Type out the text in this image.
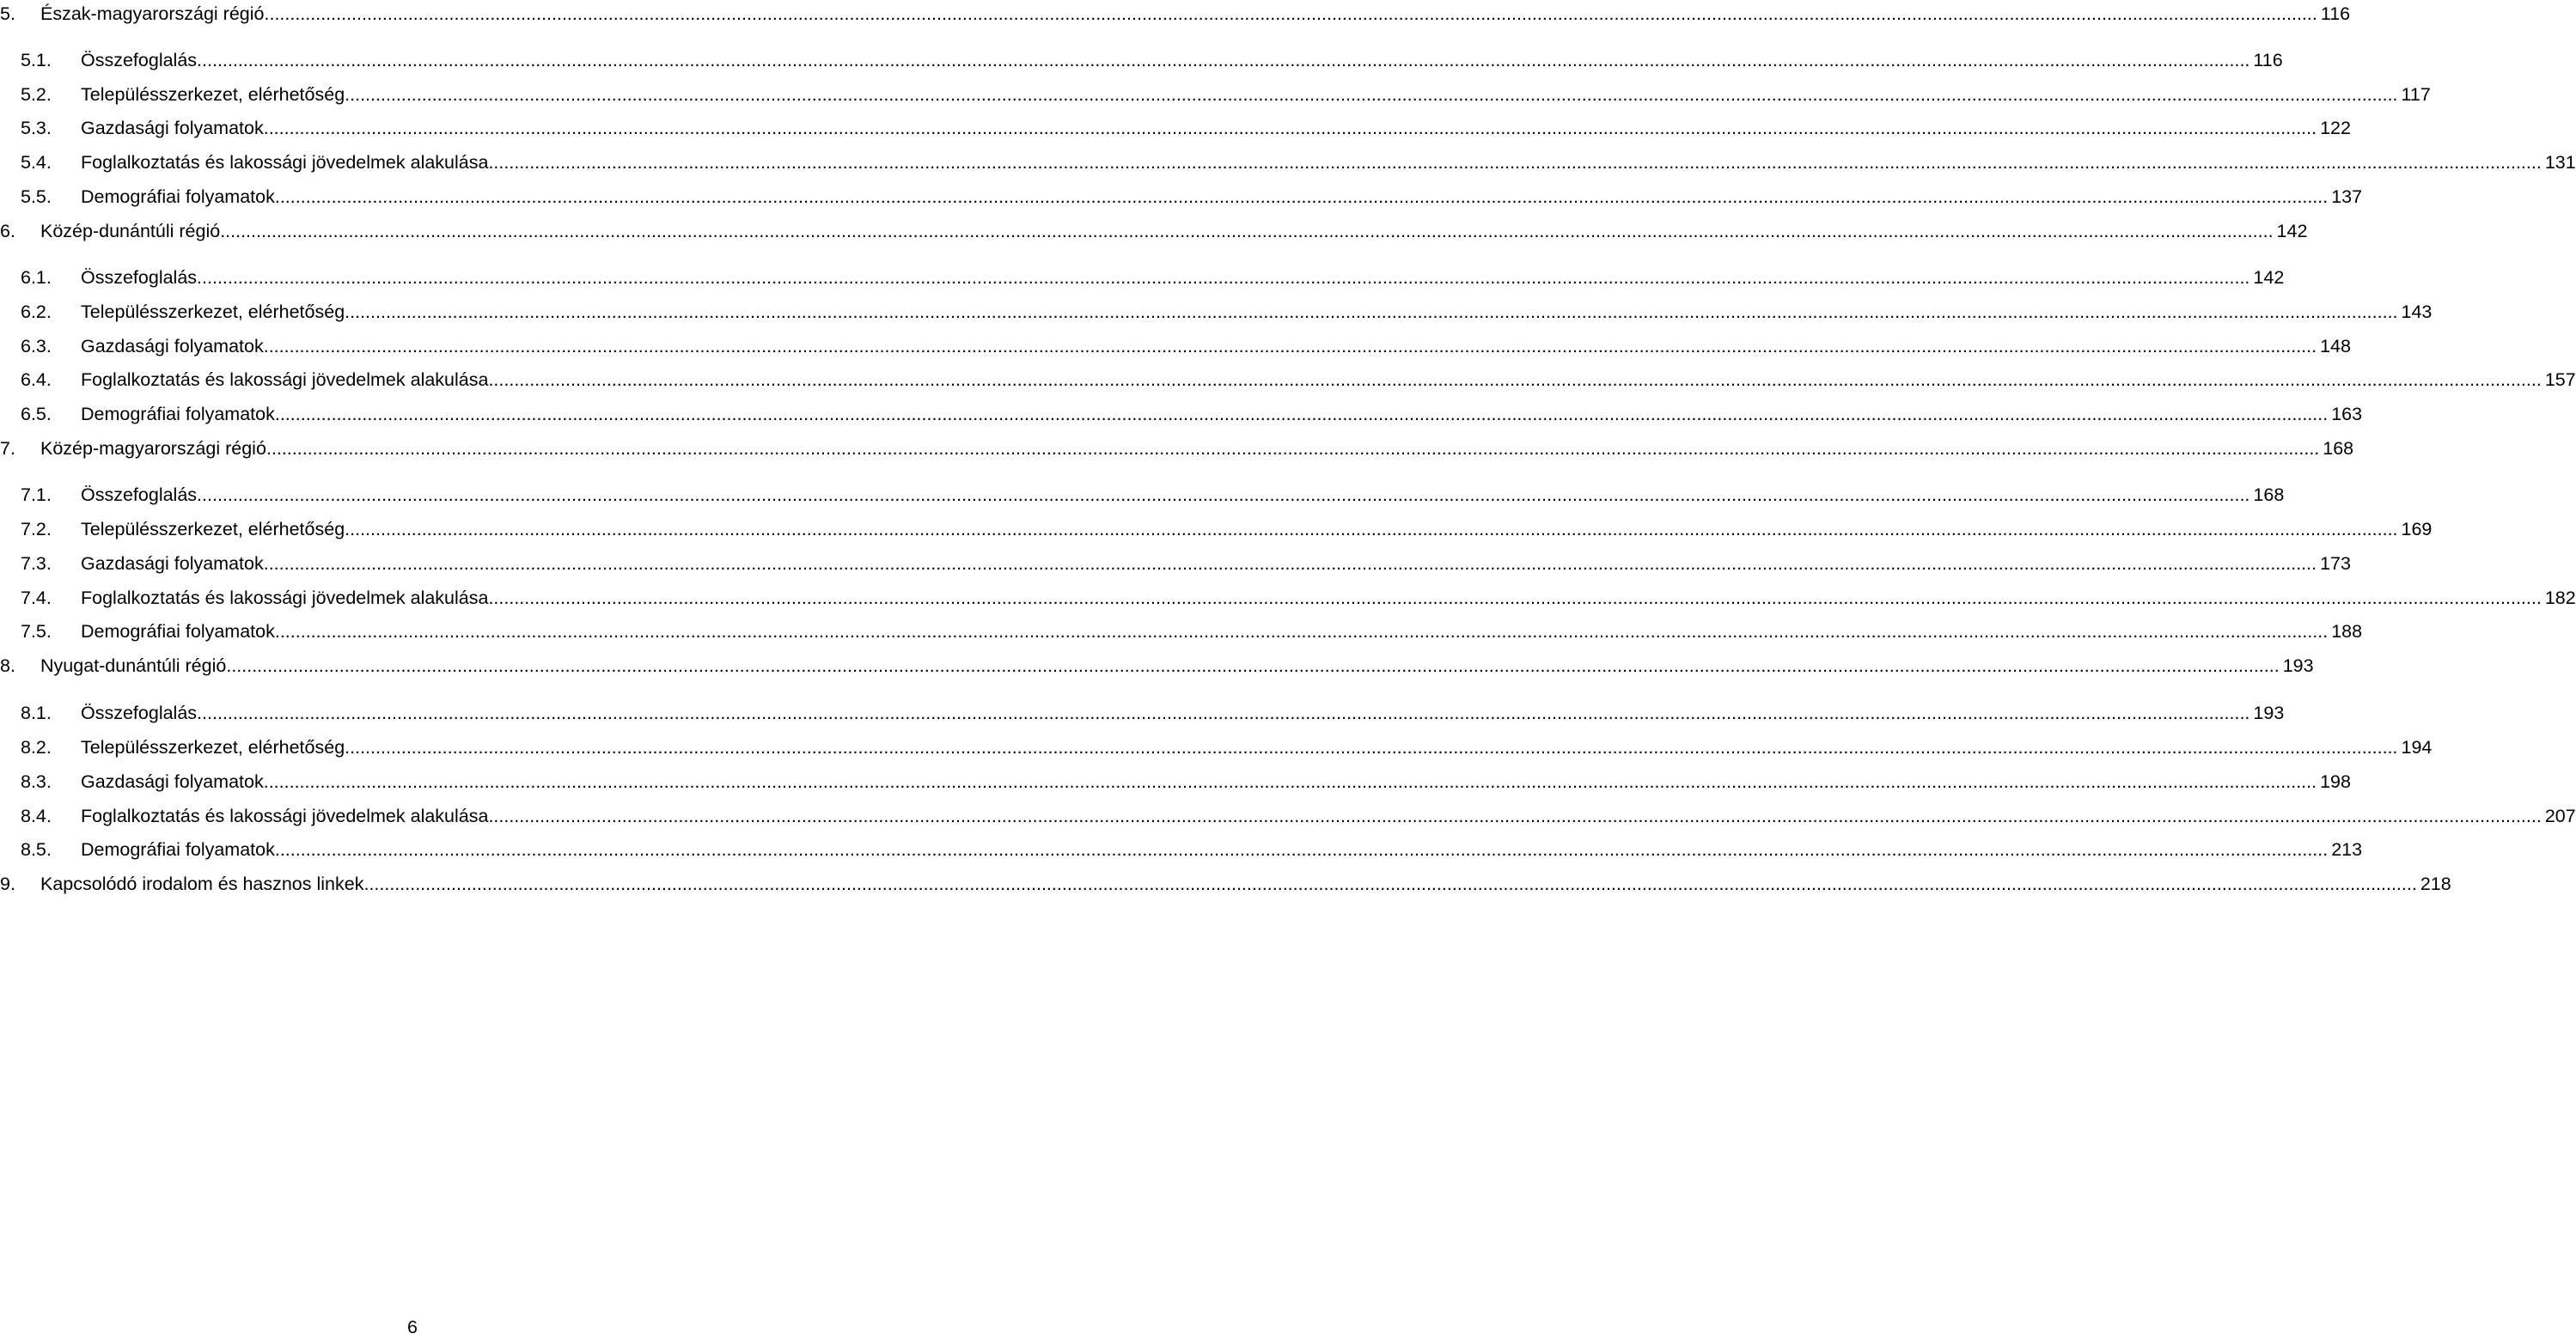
5. Észak-magyarországi régió ................................................................................................................................................................................................................................................................................................................................................................................................................ 116
5.1. Összefoglalás ................................................................................................................................................................................................................................................................................................................................................................................................................ 116
5.2. Településszerkezet, elérhetőség ................................................................................................................................................................................................................................................................................................................................................................................................................ 117
5.3. Gazdasági folyamatok ................................................................................................................................................................................................................................................................................................................................................................................................................ 122
5.4. Foglalkoztatás és lakossági jövedelmek alakulása ................................................................................................................................................................................................................................................................................................................................................................................................................ 131
5.5. Demográfiai folyamatok ................................................................................................................................................................................................................................................................................................................................................................................................................ 137
6. Közép-dunántúli régió ................................................................................................................................................................................................................................................................................................................................................................................................................ 142
6.1. Összefoglalás ................................................................................................................................................................................................................................................................................................................................................................................................................ 142
6.2. Településszerkezet, elérhetőség ................................................................................................................................................................................................................................................................................................................................................................................................................ 143
6.3. Gazdasági folyamatok ................................................................................................................................................................................................................................................................................................................................................................................................................ 148
6.4. Foglalkoztatás és lakossági jövedelmek alakulása ................................................................................................................................................................................................................................................................................................................................................................................................................ 157
6.5. Demográfiai folyamatok ................................................................................................................................................................................................................................................................................................................................................................................................................ 163
7. Közép-magyarországi régió ................................................................................................................................................................................................................................................................................................................................................................................................................ 168
7.1. Összefoglalás ................................................................................................................................................................................................................................................................................................................................................................................................................ 168
7.2. Településszerkezet, elérhetőség ................................................................................................................................................................................................................................................................................................................................................................................................................ 169
7.3. Gazdasági folyamatok ................................................................................................................................................................................................................................................................................................................................................................................................................ 173
7.4. Foglalkoztatás és lakossági jövedelmek alakulása ................................................................................................................................................................................................................................................................................................................................................................................................................ 182
7.5. Demográfiai folyamatok ................................................................................................................................................................................................................................................................................................................................................................................................................ 188
8. Nyugat-dunántúli régió ................................................................................................................................................................................................................................................................................................................................................................................................................ 193
8.1. Összefoglalás ................................................................................................................................................................................................................................................................................................................................................................................................................ 193
8.2. Településszerkezet, elérhetőség ................................................................................................................................................................................................................................................................................................................................................................................................................ 194
8.3. Gazdasági folyamatok ................................................................................................................................................................................................................................................................................................................................................................................................................ 198
8.4. Foglalkoztatás és lakossági jövedelmek alakulása ................................................................................................................................................................................................................................................................................................................................................................................................................ 207
8.5. Demográfiai folyamatok ................................................................................................................................................................................................................................................................................................................................................................................................................ 213
9. Kapcsolódó irodalom és hasznos linkek ................................................................................................................................................................................................................................................................................................................................................................................................................ 218
6
